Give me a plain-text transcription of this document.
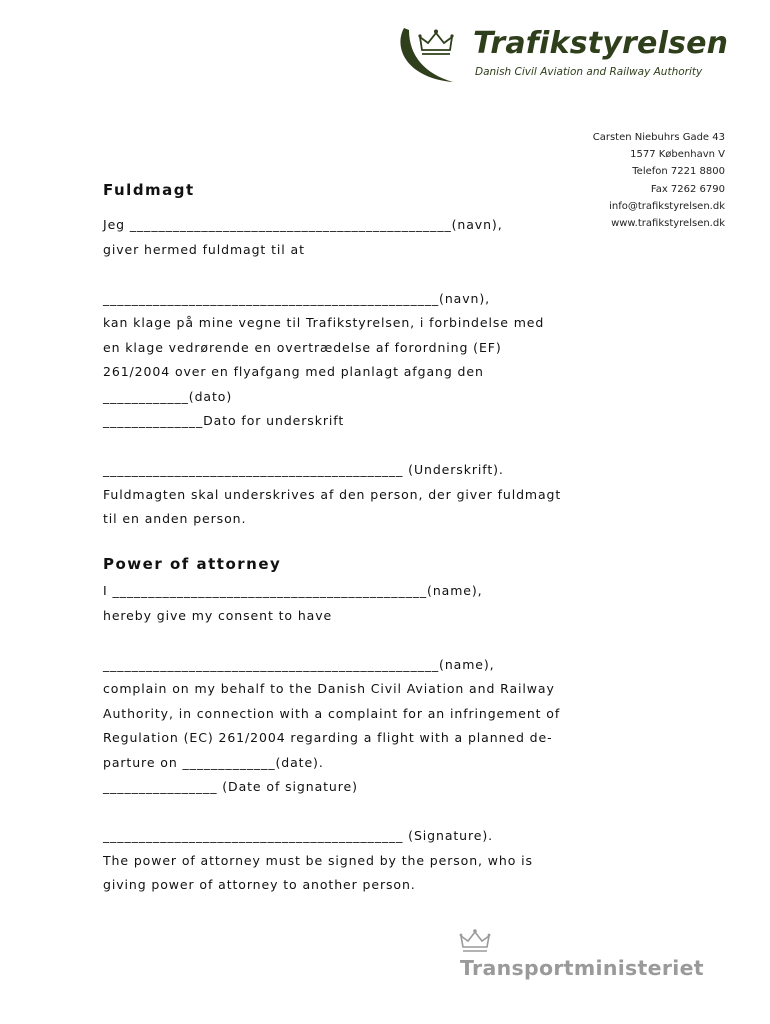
Trafikstyrelsen
Danish Civil Aviation and Railway Authority
Carsten Niebuhrs Gade 43
1577 København V
Telefon 7221 8800
Fax 7262 6790
info@trafikstyrelsen.dk
www.trafikstyrelsen.dk
Fuldmagt
Jeg _____________________________________________(navn),
giver hermed fuldmagt til at
_______________________________________________(navn),
kan klage på mine vegne til Trafikstyrelsen, i forbindelse med
en klage vedrørende en overtrædelse af forordning (EF)
261/2004 over en flyafgang med planlagt afgang den
____________(dato)
______________Dato for underskrift
__________________________________________ (Underskrift).
Fuldmagten skal underskrives af den person, der giver fuldmagt
til en anden person.
Power of attorney
I ____________________________________________(name),
hereby give my consent to have
_______________________________________________(name),
complain on my behalf to the Danish Civil Aviation and Railway
Authority, in connection with a complaint for an infringement of
Regulation (EC) 261/2004 regarding a flight with a planned de-
parture on _____________(date).
________________ (Date of signature)
__________________________________________ (Signature).
The power of attorney must be signed by the person, who is
giving power of attorney to another person.
Transportministeriet
